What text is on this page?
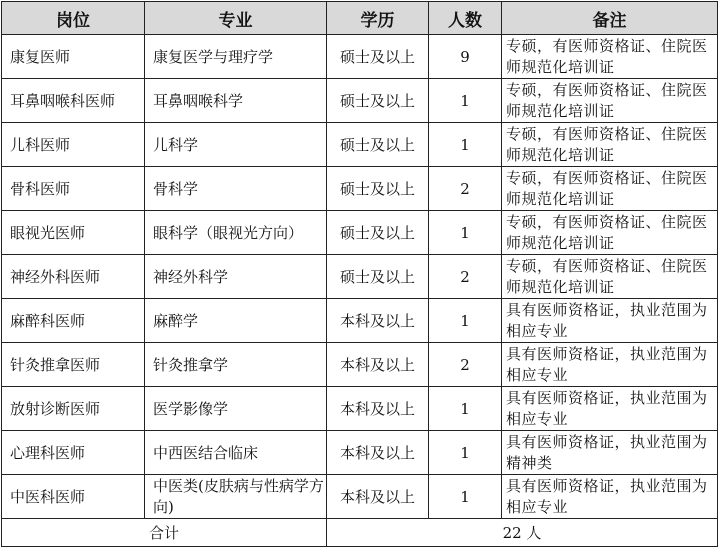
岗位	专业	学历	人数	备注
康复医师	康复医学与理疗学	硕士及以上	9	专硕，有医师资格证、住院医师规范化培训证
耳鼻咽喉科医师	耳鼻咽喉科学	硕士及以上	1	专硕，有医师资格证、住院医师规范化培训证
儿科医师	儿科学	硕士及以上	1	专硕，有医师资格证、住院医师规范化培训证
骨科医师	骨科学	硕士及以上	2	专硕，有医师资格证、住院医师规范化培训证
眼视光医师	眼科学（眼视光方向）	硕士及以上	1	专硕，有医师资格证、住院医师规范化培训证
神经外科医师	神经外科学	硕士及以上	2	专硕，有医师资格证、住院医师规范化培训证
麻醉科医师	麻醉学	本科及以上	1	具有医师资格证，执业范围为相应专业
针灸推拿医师	针灸推拿学	本科及以上	2	具有医师资格证，执业范围为相应专业
放射诊断医师	医学影像学	本科及以上	1	具有医师资格证，执业范围为相应专业
心理科医师	中西医结合临床	本科及以上	1	具有医师资格证，执业范围为精神类
中医科医师	中医类(皮肤病与性病学方向)	本科及以上	1	具有医师资格证，执业范围为相应专业
合计		22 人		
